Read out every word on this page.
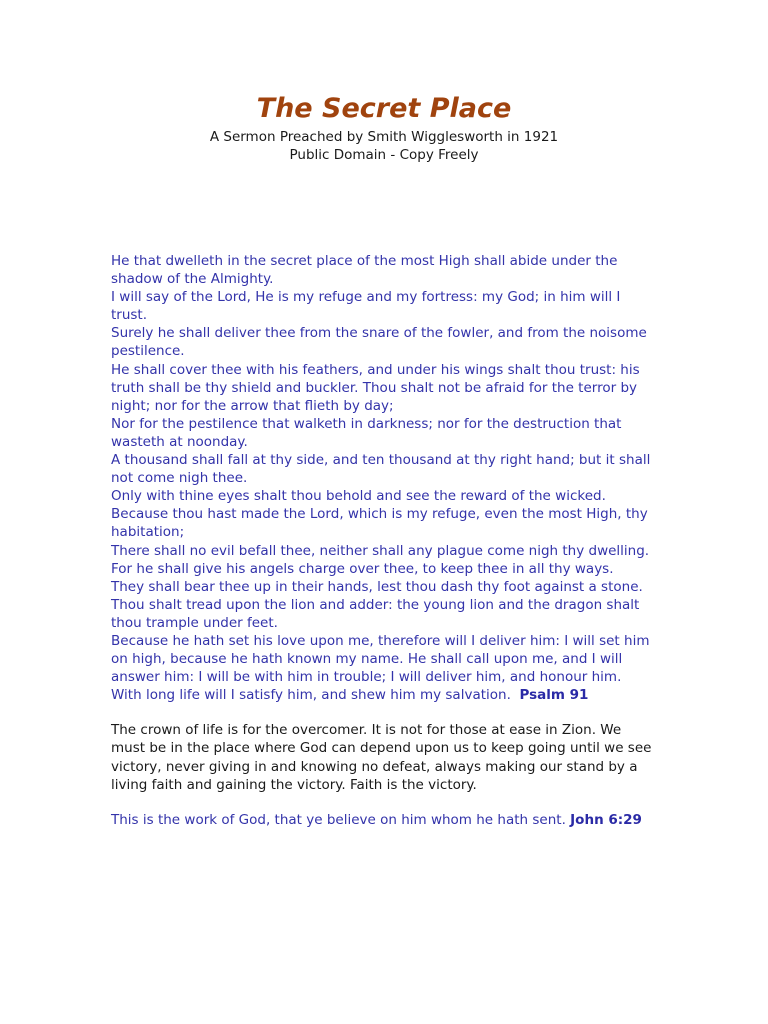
The Secret Place

A Sermon Preached by Smith Wigglesworth in 1921

Public Domain - Copy Freely

He that dwelleth in the secret place of the most High shall abide under the
shadow of the Almighty.
I will say of the Lord, He is my refuge and my fortress: my God; in him will I
trust.
Surely he shall deliver thee from the snare of the fowler, and from the noisome
pestilence.
He shall cover thee with his feathers, and under his wings shalt thou trust: his
truth shall be thy shield and buckler. Thou shalt not be afraid for the terror by
night; nor for the arrow that flieth by day;
Nor for the pestilence that walketh in darkness; nor for the destruction that
wasteth at noonday.
A thousand shall fall at thy side, and ten thousand at thy right hand; but it shall
not come nigh thee.
Only with thine eyes shalt thou behold and see the reward of the wicked.
Because thou hast made the Lord, which is my refuge, even the most High, thy
habitation;
There shall no evil befall thee, neither shall any plague come nigh thy dwelling.
For he shall give his angels charge over thee, to keep thee in all thy ways.
They shall bear thee up in their hands, lest thou dash thy foot against a stone.
Thou shalt tread upon the lion and adder: the young lion and the dragon shalt
thou trample under feet.
Because he hath set his love upon me, therefore will I deliver him: I will set him
on high, because he hath known my name. He shall call upon me, and I will
answer him: I will be with him in trouble; I will deliver him, and honour him.
With long life will I satisfy him, and shew him my salvation. Psalm 91
The crown of life is for the overcomer. It is not for those at ease in Zion. We
must be in the place where God can depend upon us to keep going until we see
victory, never giving in and knowing no defeat, always making our stand by a
living faith and gaining the victory. Faith is the victory.
This is the work of God, that ye believe on him whom he hath sent. John 6:29
